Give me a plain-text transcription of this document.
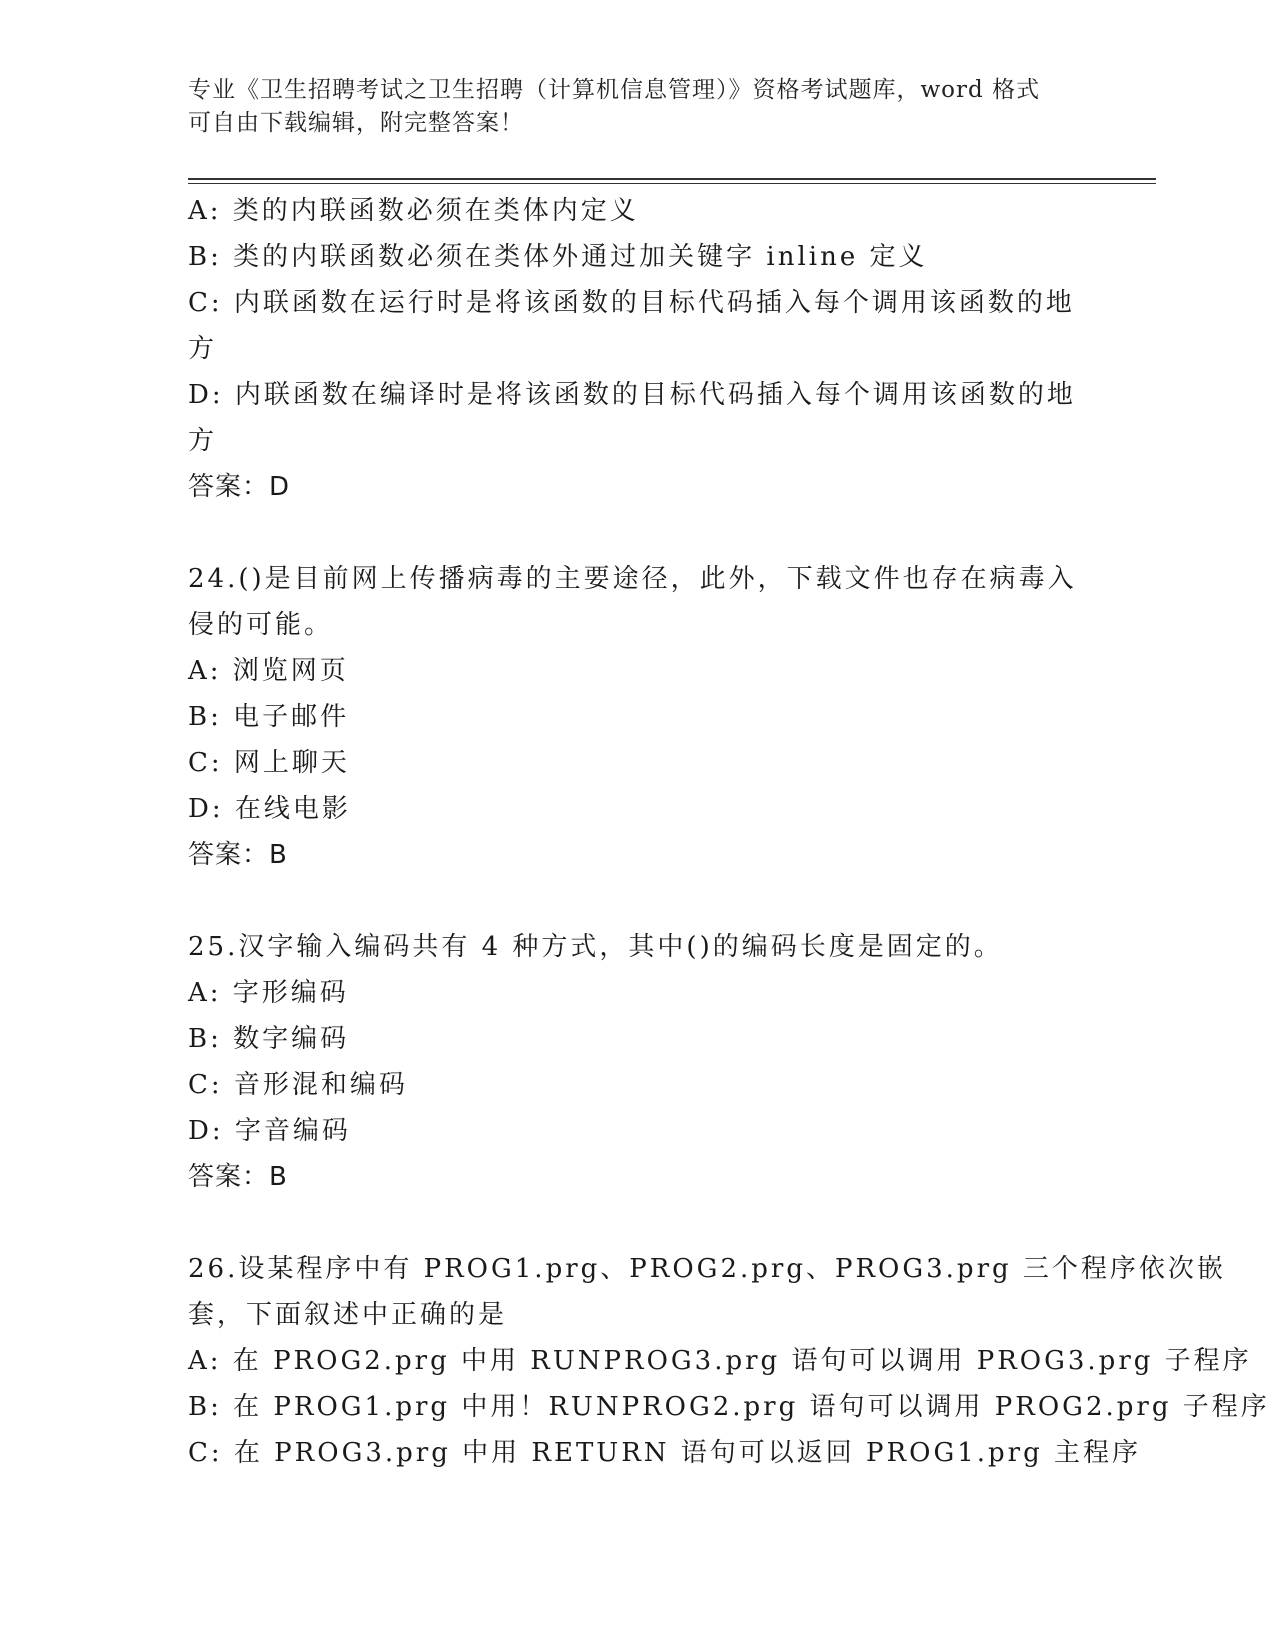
专业《卫生招聘考试之卫生招聘（计算机信息管理）》资格考试题库，word 格式
可自由下载编辑，附完整答案！
A: 类的内联函数必须在类体内定义
B: 类的内联函数必须在类体外通过加关键字 inline 定义
C: 内联函数在运行时是将该函数的目标代码插入每个调用该函数的地
方
D: 内联函数在编译时是将该函数的目标代码插入每个调用该函数的地
方
答案：D
24.()是目前网上传播病毒的主要途径，此外，下载文件也存在病毒入
侵的可能。
A: 浏览网页
B: 电子邮件
C: 网上聊天
D: 在线电影
答案：B
25.汉字输入编码共有 4 种方式，其中()的编码长度是固定的。
A: 字形编码
B: 数字编码
C: 音形混和编码
D: 字音编码
答案：B
26.设某程序中有 PROG1.prg、PROG2.prg、PROG3.prg 三个程序依次嵌
套，下面叙述中正确的是
A: 在 PROG2.prg 中用 RUNPROG3.prg 语句可以调用 PROG3.prg 子程序
B: 在 PROG1.prg 中用！RUNPROG2.prg 语句可以调用 PROG2.prg 子程序
C: 在 PROG3.prg 中用 RETURN 语句可以返回 PROG1.prg 主程序
